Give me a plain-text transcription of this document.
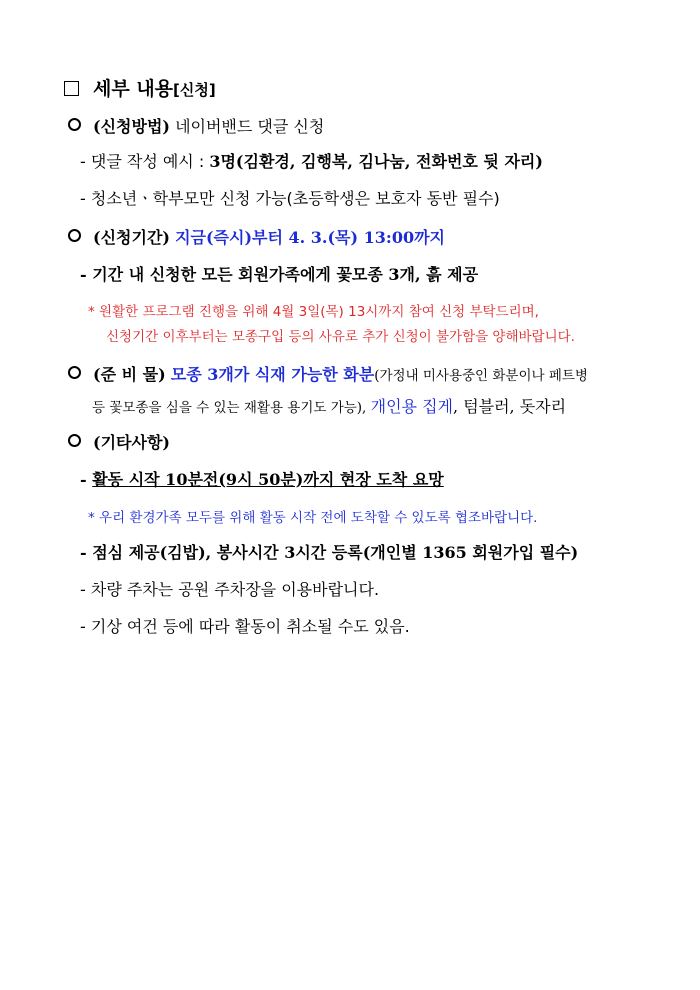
세부 내용[신청]
(신청방법) 네이버밴드 댓글 신청
- 댓글 작성 예시 : 3명(김환경, 김행복, 김나눔, 전화번호 뒷 자리)
- 청소년ㆍ학부모만 신청 가능(초등학생은 보호자 동반 필수)
(신청기간) 지금(즉시)부터 4. 3.(목) 13:00까지
- 기간 내 신청한 모든 회원가족에게 꽃모종 3개, 흙 제공
* 원활한 프로그램 진행을 위해 4월 3일(목) 13시까지 참여 신청 부탁드리며,
신청기간 이후부터는 모종구입 등의 사유로 추가 신청이 불가함을 양해바랍니다.
(준 비 물) 모종 3개가 식재 가능한 화분(가정내 미사용중인 화분이나 페트병
등 꽃모종을 심을 수 있는 재활용 용기도 가능), 개인용 집게, 텀블러, 돗자리
(기타사항)
- 활동 시작 10분전(9시 50분)까지 현장 도착 요망
* 우리 환경가족 모두를 위해 활동 시작 전에 도착할 수 있도록 협조바랍니다.
- 점심 제공(김밥), 봉사시간 3시간 등록(개인별 1365 회원가입 필수)
- 차량 주차는 공원 주차장을 이용바랍니다.
- 기상 여건 등에 따라 활동이 취소될 수도 있음.
